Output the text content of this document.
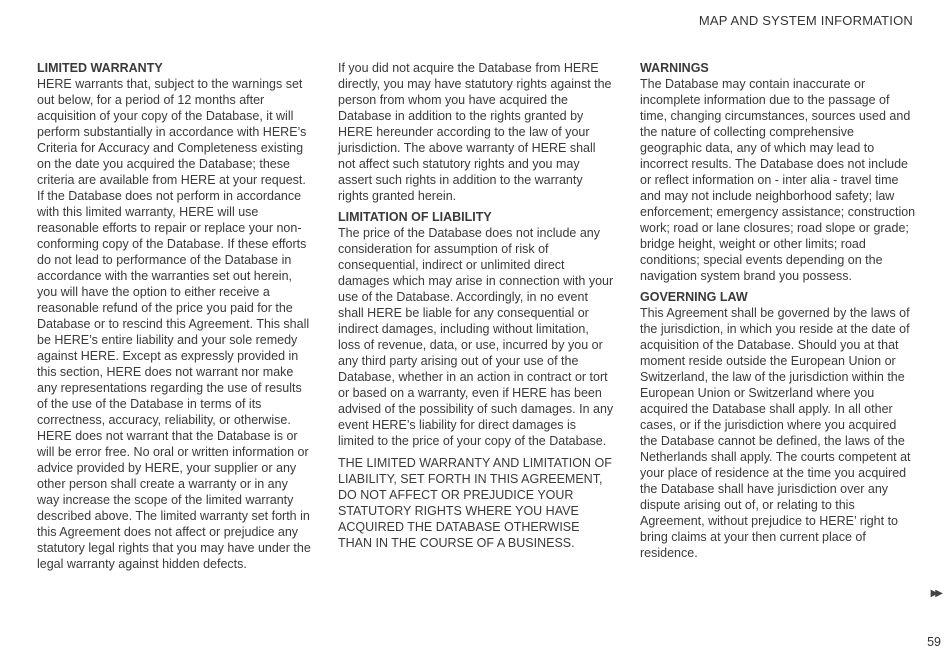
MAP AND SYSTEM INFORMATION
LIMITED WARRANTY

HERE warrants that, subject to the warnings set out below, for a period of 12 months after acquisition of your copy of the Database, it will perform substantially in accordance with HERE’s Criteria for Accuracy and Completeness existing on the date you acquired the Database; these criteria are available from HERE at your request. If the Database does not perform in accordance with this limited warranty, HERE will use reasonable efforts to repair or replace your non-conforming copy of the Database. If these efforts do not lead to performance of the Database in accordance with the warranties set out herein, you will have the option to either receive a reasonable refund of the price you paid for the Database or to rescind this Agreement. This shall be HERE’s entire liability and your sole remedy against HERE. Except as expressly provided in this section, HERE does not warrant nor make any representations regarding the use of results of the use of the Database in terms of its correctness, accuracy, reliability, or otherwise. HERE does not warrant that the Database is or will be error free. No oral or written information or advice provided by HERE, your supplier or any other person shall create a warranty or in any way increase the scope of the limited warranty described above. The limited warranty set forth in this Agreement does not affect or prejudice any statutory legal rights that you may have under the legal warranty against hidden defects.

If you did not acquire the Database from HERE directly, you may have statutory rights against the person from whom you have acquired the Database in addition to the rights granted by HERE hereunder according to the law of your jurisdiction. The above warranty of HERE shall not affect such statutory rights and you may assert such rights in addition to the warranty rights granted herein.

LIMITATION OF LIABILITY

The price of the Database does not include any consideration for assumption of risk of consequential, indirect or unlimited direct damages which may arise in connection with your use of the Database. Accordingly, in no event shall HERE be liable for any consequential or indirect damages, including without limitation, loss of revenue, data, or use, incurred by you or any third party arising out of your use of the Database, whether in an action in contract or tort or based on a warranty, even if HERE has been advised of the possibility of such damages. In any event HERE’s liability for direct damages is limited to the price of your copy of the Database.

THE LIMITED WARRANTY AND LIMITATION OF LIABILITY, SET FORTH IN THIS AGREEMENT, DO NOT AFFECT OR PREJUDICE YOUR STATUTORY RIGHTS WHERE YOU HAVE ACQUIRED THE DATABASE OTHERWISE THAN IN THE COURSE OF A BUSINESS.

WARNINGS

The Database may contain inaccurate or incomplete information due to the passage of time, changing circumstances, sources used and the nature of collecting comprehensive geographic data, any of which may lead to incorrect results. The Database does not include or reflect information on - inter alia - travel time and may not include neighborhood safety; law enforcement; emergency assistance; construction work; road or lane closures; road slope or grade; bridge height, weight or other limits; road conditions; special events depending on the navigation system brand you possess.

GOVERNING LAW

This Agreement shall be governed by the laws of the jurisdiction, in which you reside at the date of acquisition of the Database. Should you at that moment reside outside the European Union or Switzerland, the law of the jurisdiction within the European Union or Switzerland where you acquired the Database shall apply. In all other cases, or if the jurisdiction where you acquired the Database cannot be defined, the laws of the Netherlands shall apply. The courts competent at your place of residence at the time you acquired the Database shall have jurisdiction over any dispute arising out of, or relating to this Agreement, without prejudice to HERE’ right to bring claims at your then current place of residence.

▶▶
59
